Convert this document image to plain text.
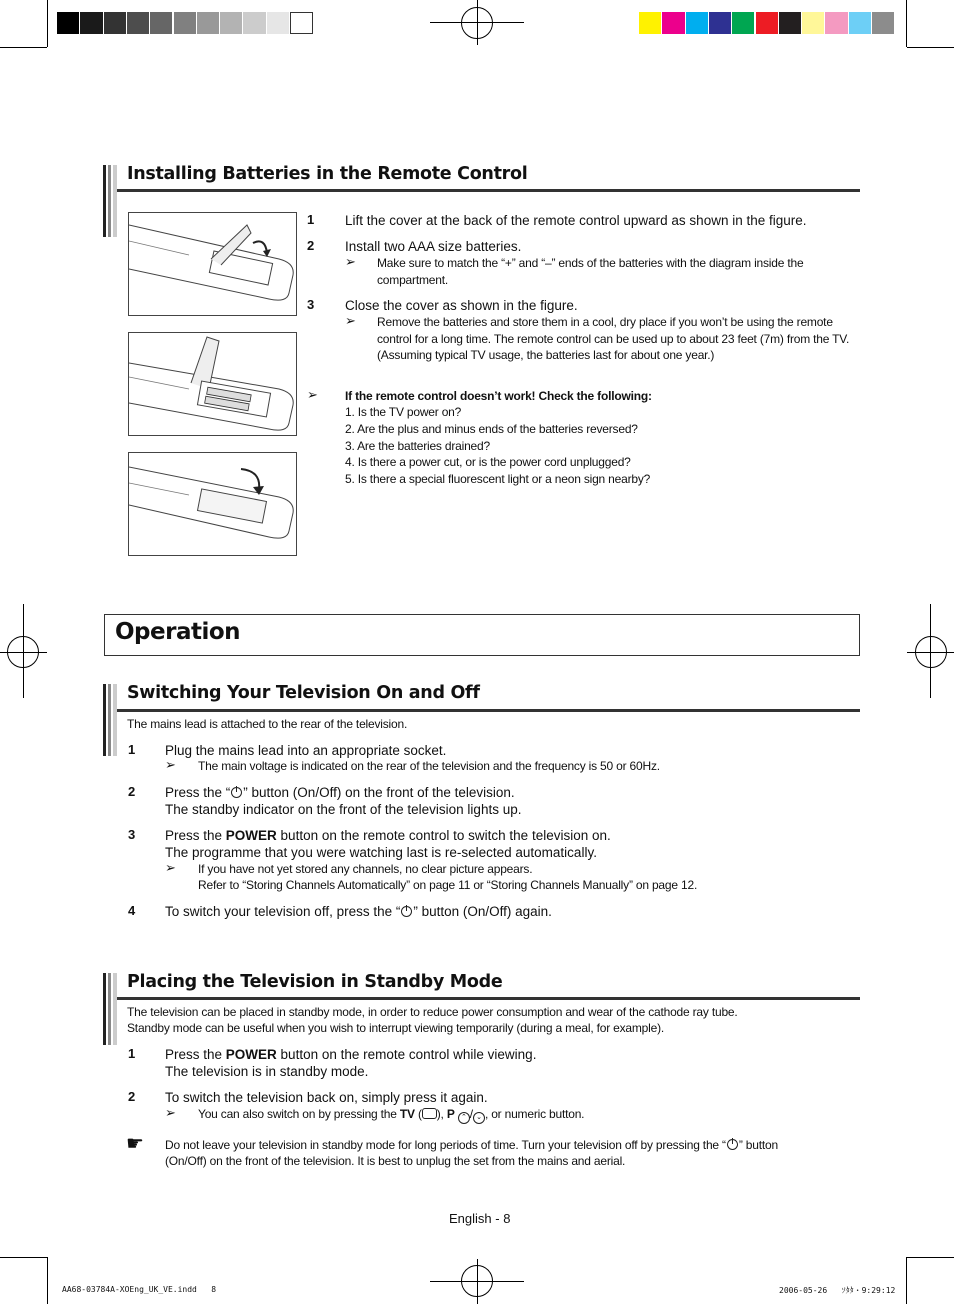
Installing Batteries in the Remote Control
1 Lift the cover at the back of the remote control upward as shown in the figure.
2 Install two AAA size batteries.
➢ Make sure to match the “+” and “–” ends of the batteries with the diagram inside the compartment.
3 Close the cover as shown in the figure.
➢ Remove the batteries and store them in a cool, dry place if you won’t be using the remote control for a long time. The remote control can be used up to about 23 feet (7m) from the TV. (Assuming typical TV usage, the batteries last for about one year.)
➢ If the remote control doesn’t work! Check the following:
1. Is the TV power on?
2. Are the plus and minus ends of the batteries reversed?
3. Are the batteries drained?
4. Is there a power cut, or is the power cord unplugged?
5. Is there a special fluorescent light or a neon sign nearby?
Operation
Switching Your Television On and Off
The mains lead is attached to the rear of the television.
1 Plug the mains lead into an appropriate socket.
➢ The main voltage is indicated on the rear of the television and the frequency is 50 or 60Hz.
2 Press the “ ” button (On/Off) on the front of the television.
The standby indicator on the front of the television lights up.
3 Press the POWER button on the remote control to switch the television on.
The programme that you were watching last is re-selected automatically.
➢ If you have not yet stored any channels, no clear picture appears.
Refer to “Storing Channels Automatically” on page 11 or “Storing Channels Manually” on page 12.
4 To switch your television off, press the “ ” button (On/Off) again.
Placing the Television in Standby Mode
The television can be placed in standby mode, in order to reduce power consumption and wear of the cathode ray tube.
Standby mode can be useful when you wish to interrupt viewing temporarily (during a meal, for example).
1 Press the POWER button on the remote control while viewing.
The television is in standby mode.
2 To switch the television back on, simply press it again.
➢ You can also switch on by pressing the TV ( ), P ⌃ / ⌄ , or numeric button.
☛ Do not leave your television in standby mode for long periods of time. Turn your television off by pressing the “ ” button
(On/Off) on the front of the television. It is best to unplug the set from the mains and aerial.
English - 8
AA68-03784A-XOEng_UK_VE.indd   8	2006-05-26   ｿﾀﾀ・9:29:12
